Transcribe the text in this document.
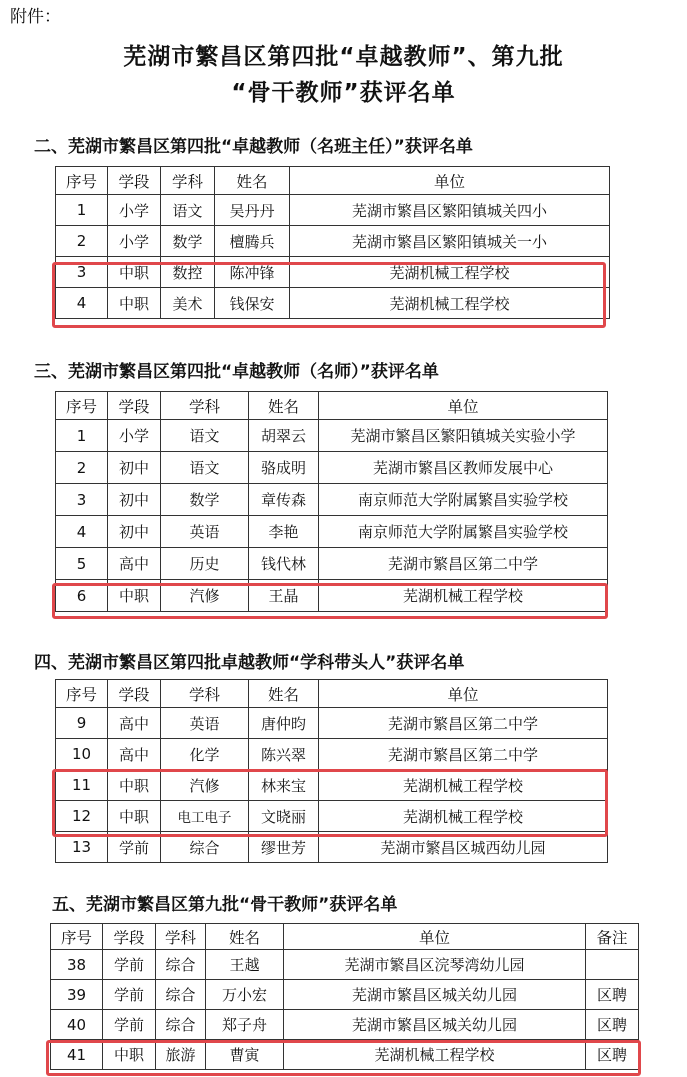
附件：
芜湖市繁昌区第四批“卓越教师”、第九批
“骨干教师”获评名单
二、芜湖市繁昌区第四批“卓越教师（名班主任）”获评名单
序号	学段	学科	姓名	单位
1	小学	语文	吴丹丹	芜湖市繁昌区繁阳镇城关四小
2	小学	数学	檀腾兵	芜湖市繁昌区繁阳镇城关一小
3	中职	数控	陈冲锋	芜湖机械工程学校
4	中职	美术	钱保安	芜湖机械工程学校
三、芜湖市繁昌区第四批“卓越教师（名师）”获评名单
序号	学段	学科	姓名	单位
1	小学	语文	胡翠云	芜湖市繁昌区繁阳镇城关实验小学
2	初中	语文	骆成明	芜湖市繁昌区教师发展中心
3	初中	数学	章传森	南京师范大学附属繁昌实验学校
4	初中	英语	李艳	南京师范大学附属繁昌实验学校
5	高中	历史	钱代林	芜湖市繁昌区第二中学
6	中职	汽修	王晶	芜湖机械工程学校
四、芜湖市繁昌区第四批卓越教师“学科带头人”获评名单
序号	学段	学科	姓名	单位
9	高中	英语	唐仲昀	芜湖市繁昌区第二中学
10	高中	化学	陈兴翠	芜湖市繁昌区第二中学
11	中职	汽修	林来宝	芜湖机械工程学校
12	中职	电工电子	文晓丽	芜湖机械工程学校
13	学前	综合	缪世芳	芜湖市繁昌区城西幼儿园
五、芜湖市繁昌区第九批“骨干教师”获评名单
序号	学段	学科	姓名	单位	备注
38	学前	综合	王越	芜湖市繁昌区浣琴湾幼儿园	
39	学前	综合	万小宏	芜湖市繁昌区城关幼儿园	区聘
40	学前	综合	郑子舟	芜湖市繁昌区城关幼儿园	区聘
41	中职	旅游	曹寅	芜湖机械工程学校	区聘
